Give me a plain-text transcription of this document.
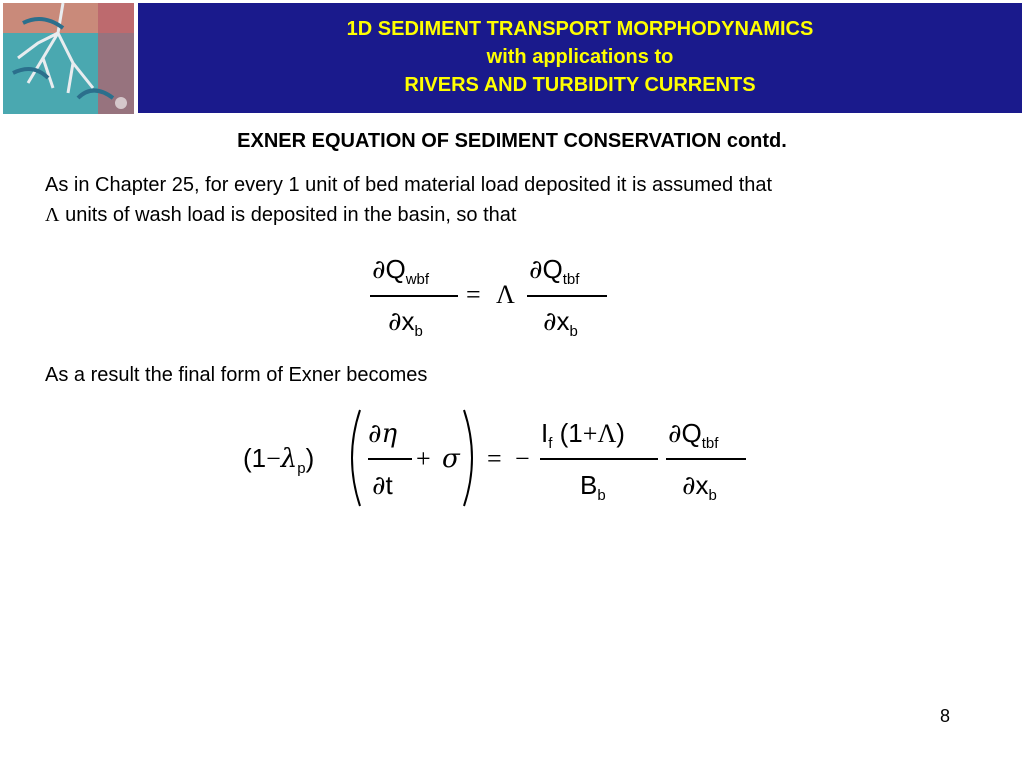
1D SEDIMENT TRANSPORT MORPHODYNAMICS
with applications to
RIVERS AND TURBIDITY CURRENTS
EXNER EQUATION OF SEDIMENT CONSERVATION contd.
As in Chapter 25, for every 1 unit of bed material load deposited it is assumed that
Λ units of wash load is deposited in the basin, so that
$\partial Q_{wbf}$
$\partial x_b$
= Λ
$\partial Q_{tbf}$
$\partial x_b$
As a result the final form of Exner becomes
$(1-\lambda_p)$
∂η
∂t
+ σ = −
$I_f$ (1+Λ)
$B_b$
$\partial Q_{tbf}$
$\partial x_b$
8
